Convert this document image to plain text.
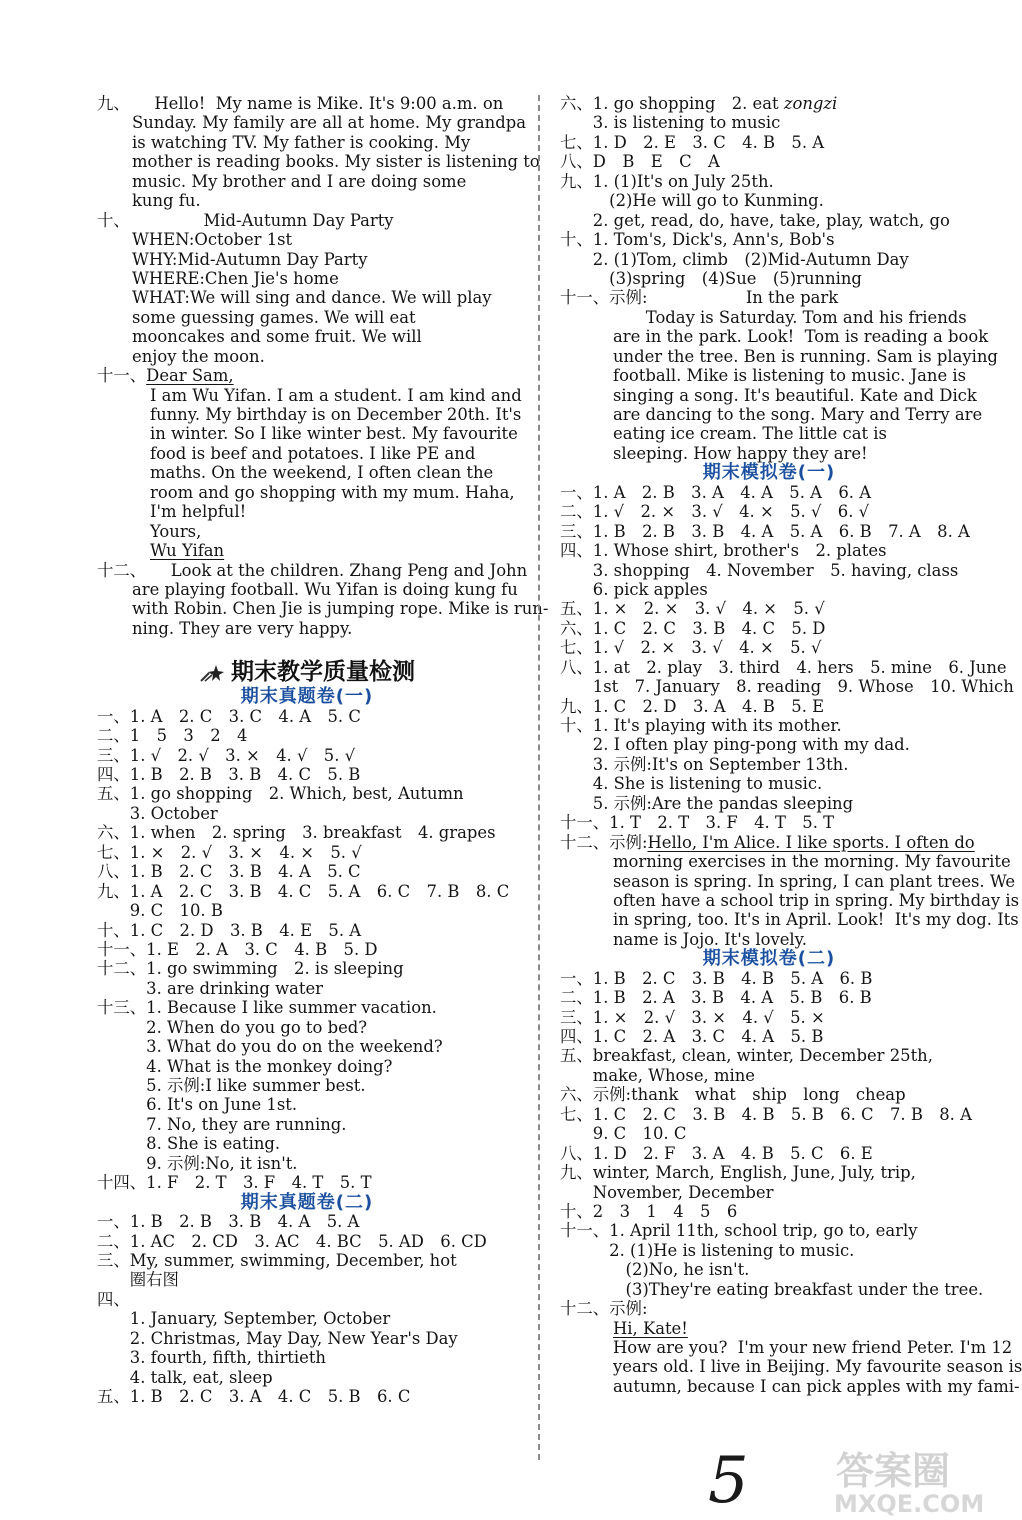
九、　　Hello!  My name is Mike. It's 9:00 a.m. on
Sunday. My family are all at home. My grandpa
is watching TV. My father is cooking. My
mother is reading books. My sister is listening to
music. My brother and I are doing some
kung fu.
十、　　　　　Mid-Autumn Day Party
WHEN:October 1st
WHY:Mid-Autumn Day Party
WHERE:Chen Jie's home
WHAT:We will sing and dance. We will play
some guessing games. We will eat
mooncakes and some fruit. We will
enjoy the moon.
十一、Dear Sam,
I am Wu Yifan. I am a student. I am kind and
funny. My birthday is on December 20th. It's
in winter. So I like winter best. My favourite
food is beef and potatoes. I like PE and
maths. On the weekend, I often clean the
room and go shopping with my mum. Haha,
I'm helpful!
Yours,
Wu Yifan
十二、　　Look at the children. Zhang Peng and John
are playing football. Wu Yifan is doing kung fu
with Robin. Chen Jie is jumping rope. Mike is run-
ning. They are very happy.
期末教学质量检测
期末真题卷(一)
一、1. A　2. C　3. C　4. A　5. C
二、1　5　3　2　4
三、1. √　2. √　3. ×　4. √　5. √
四、1. B　2. B　3. B　4. C　5. B
五、1. go shopping　2. Which, best, Autumn
　　3. October
六、1. when　2. spring　3. breakfast　4. grapes
七、1. ×　2. √　3. ×　4. ×　5. √
八、1. B　2. C　3. B　4. A　5. C
九、1. A　2. C　3. B　4. C　5. A　6. C　7. B　8. C
　　9. C　10. B
十、1. C　2. D　3. B　4. E　5. A
十一、1. E　2. A　3. C　4. B　5. D
十二、1. go swimming　2. is sleeping
　　　3. are drinking water
十三、1. Because I like summer vacation.
　　　2. When do you go to bed?
　　　3. What do you do on the weekend?
　　　4. What is the monkey doing?
　　　5. 示例:I like summer best.
　　　6. It's on June 1st.
　　　7. No, they are running.
　　　8. She is eating.
　　　9. 示例:No, it isn't.
十四、1. F　2. T　3. F　4. T　5. T
期末真题卷(二)
一、1. B　2. B　3. B　4. A　5. A
二、1. AC　2. CD　3. AC　4. BC　5. AD　6. CD
三、My, summer, swimming, December, hot
　　圈右图
四、
　　1. January, September, October
　　2. Christmas, May Day, New Year's Day
　　3. fourth, fifth, thirtieth
　　4. talk, eat, sleep
五、1. B　2. C　3. A　4. C　5. B　6. C
六、1. go shopping　2. eat zongzi
　　3. is listening to music
七、1. D　2. E　3. C　4. B　5. A
八、D　B　E　C　A
九、1. (1)It's on July 25th.
　　　(2)He will go to Kunming.
　　2. get, read, do, have, take, play, watch, go
十、1. Tom's, Dick's, Ann's, Bob's
　　2. (1)Tom, climb　(2)Mid-Autumn Day
　　　(3)spring　(4)Sue　(5)running
十一、示例:　　　　　　In the park
　　Today is Saturday. Tom and his friends
are in the park. Look!  Tom is reading a book
under the tree. Ben is running. Sam is playing
football. Mike is listening to music. Jane is
singing a song. It's beautiful. Kate and Dick
are dancing to the song. Mary and Terry are
eating ice cream. The little cat is
sleeping. How happy they are!
期末模拟卷(一)
一、1. A　2. B　3. A　4. A　5. A　6. A
二、1. √　2. ×　3. √　4. ×　5. √　6. √
三、1. B　2. B　3. B　4. A　5. A　6. B　7. A　8. A
四、1. Whose shirt, brother's　2. plates
　　3. shopping　4. November　5. having, class
　　6. pick apples
五、1. ×　2. ×　3. √　4. ×　5. √
六、1. C　2. C　3. B　4. C　5. D
七、1. √　2. ×　3. √　4. ×　5. √
八、1. at　2. play　3. third　4. hers　5. mine　6. June
　　1st　7. January　8. reading　9. Whose　10. Which
九、1. C　2. D　3. A　4. B　5. E
十、1. It's playing with its mother.
　　2. I often play ping-pong with my dad.
　　3. 示例:It's on September 13th.
　　4. She is listening to music.
　　5. 示例:Are the pandas sleeping
十一、1. T　2. T　3. F　4. T　5. T
十二、示例:Hello, I'm Alice. I like sports. I often do
morning exercises in the morning. My favourite
season is spring. In spring, I can plant trees. We
often have a school trip in spring. My birthday is
in spring, too. It's in April. Look!  It's my dog. Its
name is Jojo. It's lovely.
期末模拟卷(二)
一、1. B　2. C　3. B　4. B　5. A　6. B
二、1. B　2. A　3. B　4. A　5. B　6. B
三、1. ×　2. √　3. ×　4. √　5. ×
四、1. C　2. A　3. C　4. A　5. B
五、breakfast, clean, winter, December 25th,
　　make, Whose, mine
六、示例:thank　what　ship　long　cheap
七、1. C　2. C　3. B　4. B　5. B　6. C　7. B　8. A
　　9. C　10. C
八、1. D　2. F　3. A　4. B　5. C　6. E
九、winter, March, English, June, July, trip,
　　November, December
十、2　3　1　4　5　6
十一、1. April 11th, school trip, go to, early
　　　2. (1)He is listening to music.
　　　　(2)No, he isn't.
　　　　(3)They're eating breakfast under the tree.
十二、示例:
Hi, Kate!
How are you?  I'm your new friend Peter. I'm 12
years old. I live in Beijing. My favourite season is
autumn, because I can pick apples with my fami-
5 答案圈
MXQE.COM
